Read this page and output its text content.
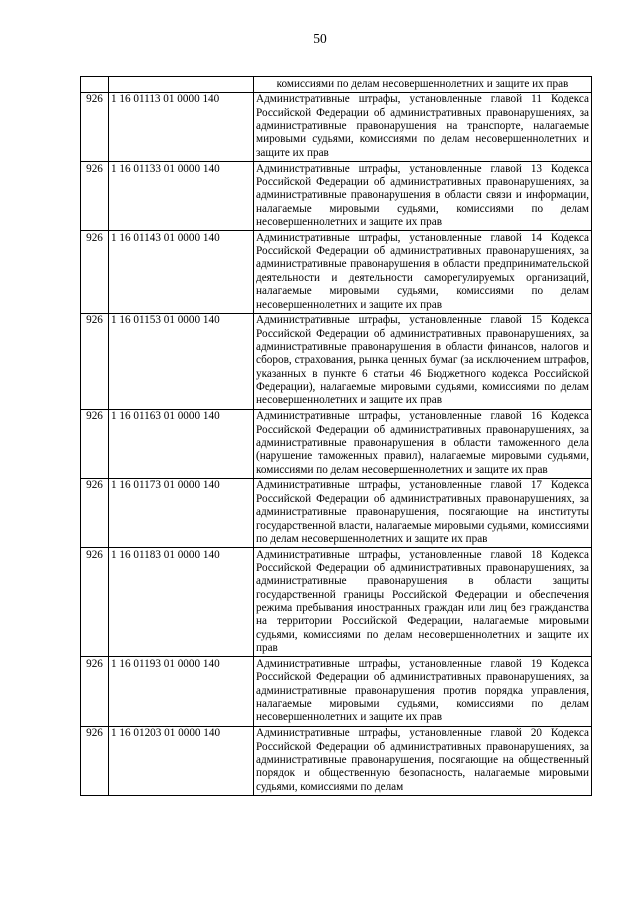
50
		комиссиями по делам несовершеннолетних и защите их прав
926	1 16 01113 01 0000 140	Административные штрафы, установленные главой 11 Кодекса Российской Федерации об административных правонарушениях, за административные правонарушения на транспорте, налагаемые мировыми судьями, комиссиями по делам несовершеннолетних и защите их прав
926	1 16 01133 01 0000 140	Административные штрафы, установленные главой 13 Кодекса Российской Федерации об административных правонарушениях, за административные правонарушения в области связи и информации, налагаемые мировыми судьями, комиссиями по делам несовершеннолетних и защите их прав
926	1 16 01143 01 0000 140	Административные штрафы, установленные главой 14 Кодекса Российской Федерации об административных правонарушениях, за административные правонарушения в области предпринимательской деятельности и деятельности саморегулируемых организаций, налагаемые мировыми судьями, комиссиями по делам несовершеннолетних и защите их прав
926	1 16 01153 01 0000 140	Административные штрафы, установленные главой 15 Кодекса Российской Федерации об административных правонарушениях, за административные правонарушения в области финансов, налогов и сборов, страхования, рынка ценных бумаг (за исключением штрафов, указанных в пункте 6 статьи 46 Бюджетного кодекса Российской Федерации), налагаемые мировыми судьями, комиссиями по делам несовершеннолетних и защите их прав
926	1 16 01163 01 0000 140	Административные штрафы, установленные главой 16 Кодекса Российской Федерации об административных правонарушениях, за административные правонарушения в области таможенного дела (нарушение таможенных правил), налагаемые мировыми судьями, комиссиями по делам несовершеннолетних и защите их прав
926	1 16 01173 01 0000 140	Административные штрафы, установленные главой 17 Кодекса Российской Федерации об административных правонарушениях, за административные правонарушения, посягающие на институты государственной власти, налагаемые мировыми судьями, комиссиями по делам несовершеннолетних и защите их прав
926	1 16 01183 01 0000 140	Административные штрафы, установленные главой 18 Кодекса Российской Федерации об административных правонарушениях, за административные правонарушения в области защиты государственной границы Российской Федерации и обеспечения режима пребывания иностранных граждан или лиц без гражданства на территории Российской Федерации, налагаемые мировыми судьями, комиссиями по делам несовершеннолетних и защите их прав
926	1 16 01193 01 0000 140	Административные штрафы, установленные главой 19 Кодекса Российской Федерации об административных правонарушениях, за административные правонарушения против порядка управления, налагаемые мировыми судьями, комиссиями по делам несовершеннолетних и защите их прав
926	1 16 01203 01 0000 140	Административные штрафы, установленные главой 20 Кодекса Российской Федерации об административных правонарушениях, за административные правонарушения, посягающие на общественный порядок и общественную безопасность, налагаемые мировыми судьями, комиссиями по делам
